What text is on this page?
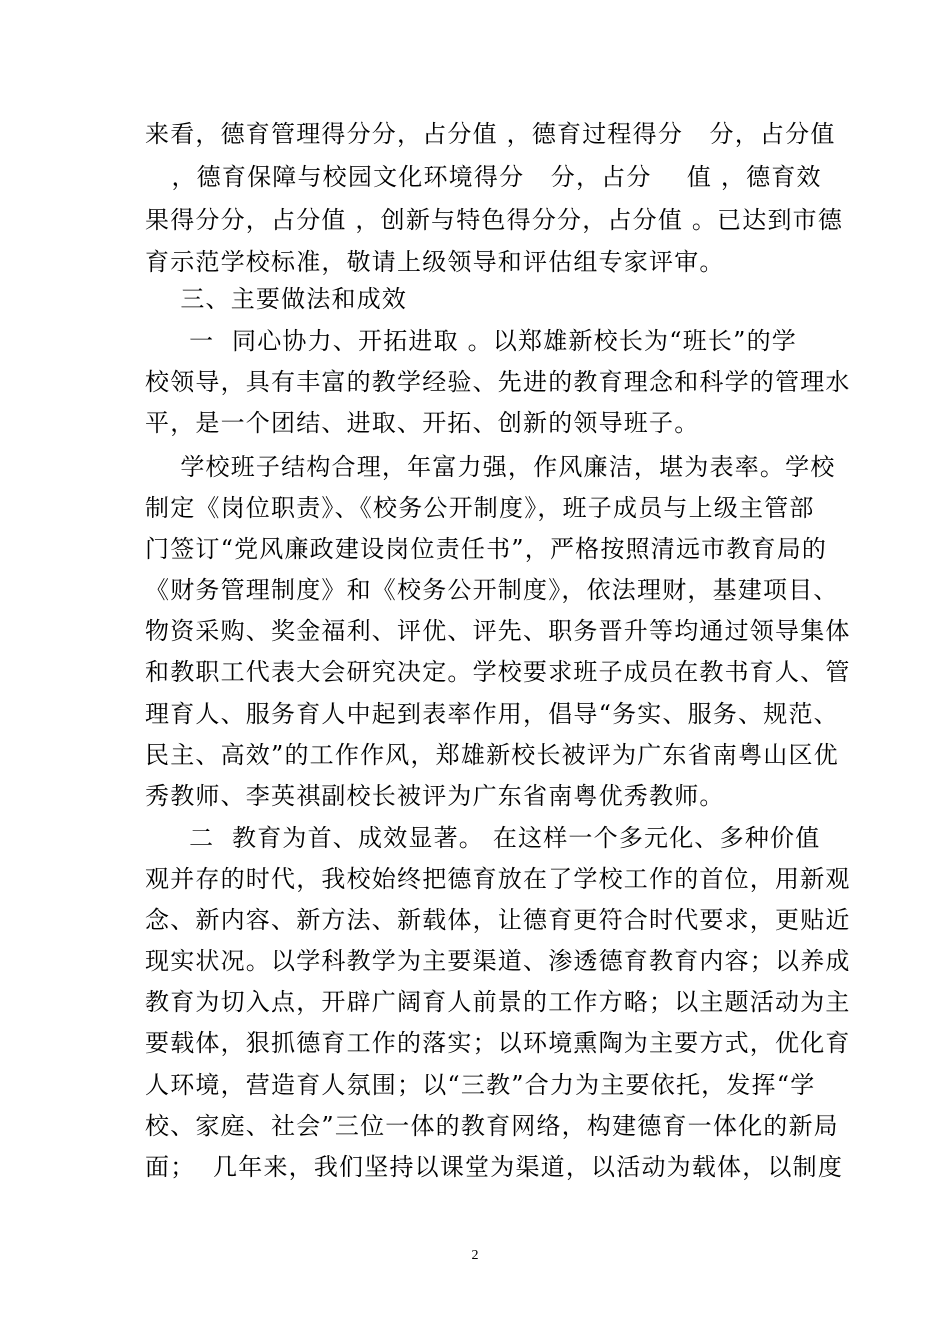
来看，德育管理得分分，占分值 ，德育过程得分   分，占分值
，德育保障与校园文化环境得分   分，占分    值 ，德育效
果得分分，占分值 ，创新与特色得分分，占分值 。已达到市德
育示范学校标准，敬请上级领导和评估组专家评审。
三、主要做法和成效
一  同心协力、开拓进取 。以郑雄新校长为“班长”的学
校领导，具有丰富的教学经验、先进的教育理念和科学的管理水
平，是一个团结、进取、开拓、创新的领导班子。
学校班子结构合理，年富力强，作风廉洁，堪为表率。学校
制定《岗位职责》、《校务公开制度》，班子成员与上级主管部
门签订“党风廉政建设岗位责任书”，严格按照清远市教育局的
《财务管理制度》和《校务公开制度》，依法理财，基建项目、
物资采购、奖金福利、评优、评先、职务晋升等均通过领导集体
和教职工代表大会研究决定。学校要求班子成员在教书育人、管
理育人、服务育人中起到表率作用，倡导“务实、服务、规范、
民主、高效”的工作作风，郑雄新校长被评为广东省南粤山区优
秀教师、李英祺副校长被评为广东省南粤优秀教师。
二  教育为首、成效显著。 在这样一个多元化、多种价值
观并存的时代，我校始终把德育放在了学校工作的首位，用新观
念、新内容、新方法、新载体，让德育更符合时代要求，更贴近
现实状况。以学科教学为主要渠道、渗透德育教育内容；以养成
教育为切入点，开辟广阔育人前景的工作方略；以主题活动为主
要载体，狠抓德育工作的落实；以环境熏陶为主要方式，优化育
人环境，营造育人氛围；以“三教”合力为主要依托，发挥“学
校、家庭、社会”三位一体的教育网络，构建德育一体化的新局
面；  几年来，我们坚持以课堂为渠道，以活动为载体，以制度
2
